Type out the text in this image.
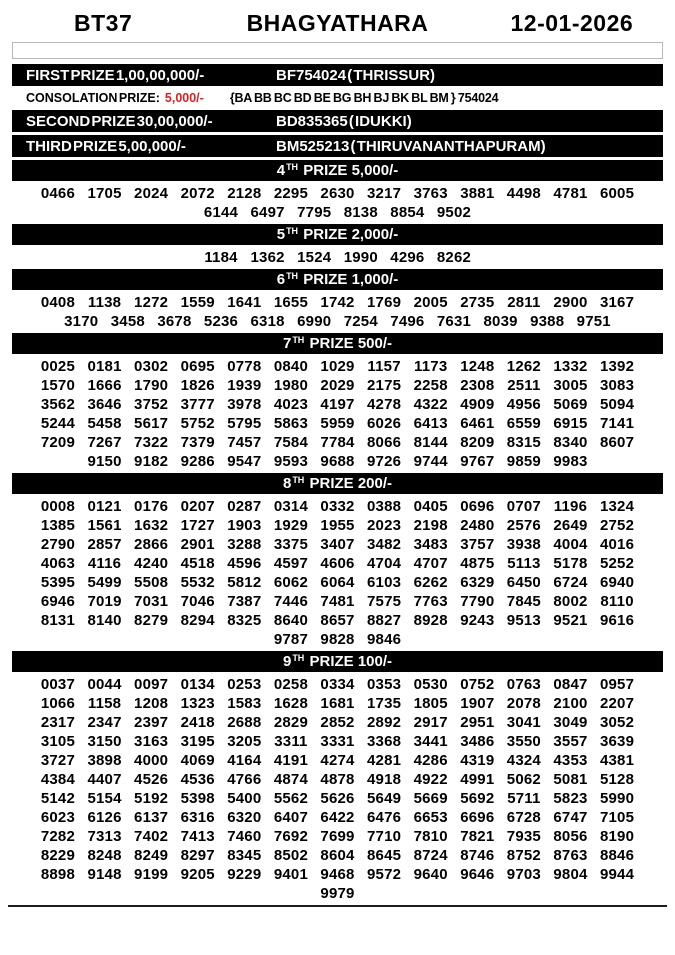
BT37	BHAGYATHARA	12-01-2026
FIRST PRIZE 1,00,00,000/-	BF754024 ( THRISSUR)
CONSOLATION PRIZE: 5,000/- {BA BB BC BD BE BG BH BJ BK BL BM } 754024
SECOND PRIZE 30,00,000/-	BD835365 ( IDUKKI)
THIRD PRIZE 5,00,000/-	BM525213 ( THIRUVANANTHAPURAM)
4TH PRIZE 5,000/-
0466 1705 2024 2072 2128 2295 2630 3217 3763 3881 4498 4781 6005
6144 6497 7795 8138 8854 9502
5TH PRIZE 2,000/-
1184 1362 1524 1990 4296 8262
6TH PRIZE 1,000/-
0408 1138 1272 1559 1641 1655 1742 1769 2005 2735 2811 2900 3167
3170 3458 3678 5236 6318 6990 7254 7496 7631 8039 9388 9751
7TH PRIZE 500/-
0025 0181 0302 0695 0778 0840 1029 1157 1173 1248 1262 1332 1392
1570 1666 1790 1826 1939 1980 2029 2175 2258 2308 2511 3005 3083
3562 3646 3752 3777 3978 4023 4197 4278 4322 4909 4956 5069 5094
5244 5458 5617 5752 5795 5863 5959 6026 6413 6461 6559 6915 7141
7209 7267 7322 7379 7457 7584 7784 8066 8144 8209 8315 8340 8607
9150 9182 9286 9547 9593 9688 9726 9744 9767 9859 9983
8TH PRIZE 200/-
0008 0121 0176 0207 0287 0314 0332 0388 0405 0696 0707 1196 1324
1385 1561 1632 1727 1903 1929 1955 2023 2198 2480 2576 2649 2752
2790 2857 2866 2901 3288 3375 3407 3482 3483 3757 3938 4004 4016
4063 4116 4240 4518 4596 4597 4606 4704 4707 4875 5113 5178 5252
5395 5499 5508 5532 5812 6062 6064 6103 6262 6329 6450 6724 6940
6946 7019 7031 7046 7387 7446 7481 7575 7763 7790 7845 8002 8110
8131 8140 8279 8294 8325 8640 8657 8827 8928 9243 9513 9521 9616
9787 9828 9846
9TH PRIZE 100/-
0037 0044 0097 0134 0253 0258 0334 0353 0530 0752 0763 0847 0957
1066 1158 1208 1323 1583 1628 1681 1735 1805 1907 2078 2100 2207
2317 2347 2397 2418 2688 2829 2852 2892 2917 2951 3041 3049 3052
3105 3150 3163 3195 3205 3311 3331 3368 3441 3486 3550 3557 3639
3727 3898 4000 4069 4164 4191 4274 4281 4286 4319 4324 4353 4381
4384 4407 4526 4536 4766 4874 4878 4918 4922 4991 5062 5081 5128
5142 5154 5192 5398 5400 5562 5626 5649 5669 5692 5711 5823 5990
6023 6126 6137 6316 6320 6407 6422 6476 6653 6696 6728 6747 7105
7282 7313 7402 7413 7460 7692 7699 7710 7810 7821 7935 8056 8190
8229 8248 8249 8297 8345 8502 8604 8645 8724 8746 8752 8763 8846
8898 9148 9199 9205 9229 9401 9468 9572 9640 9646 9703 9804 9944
9979
